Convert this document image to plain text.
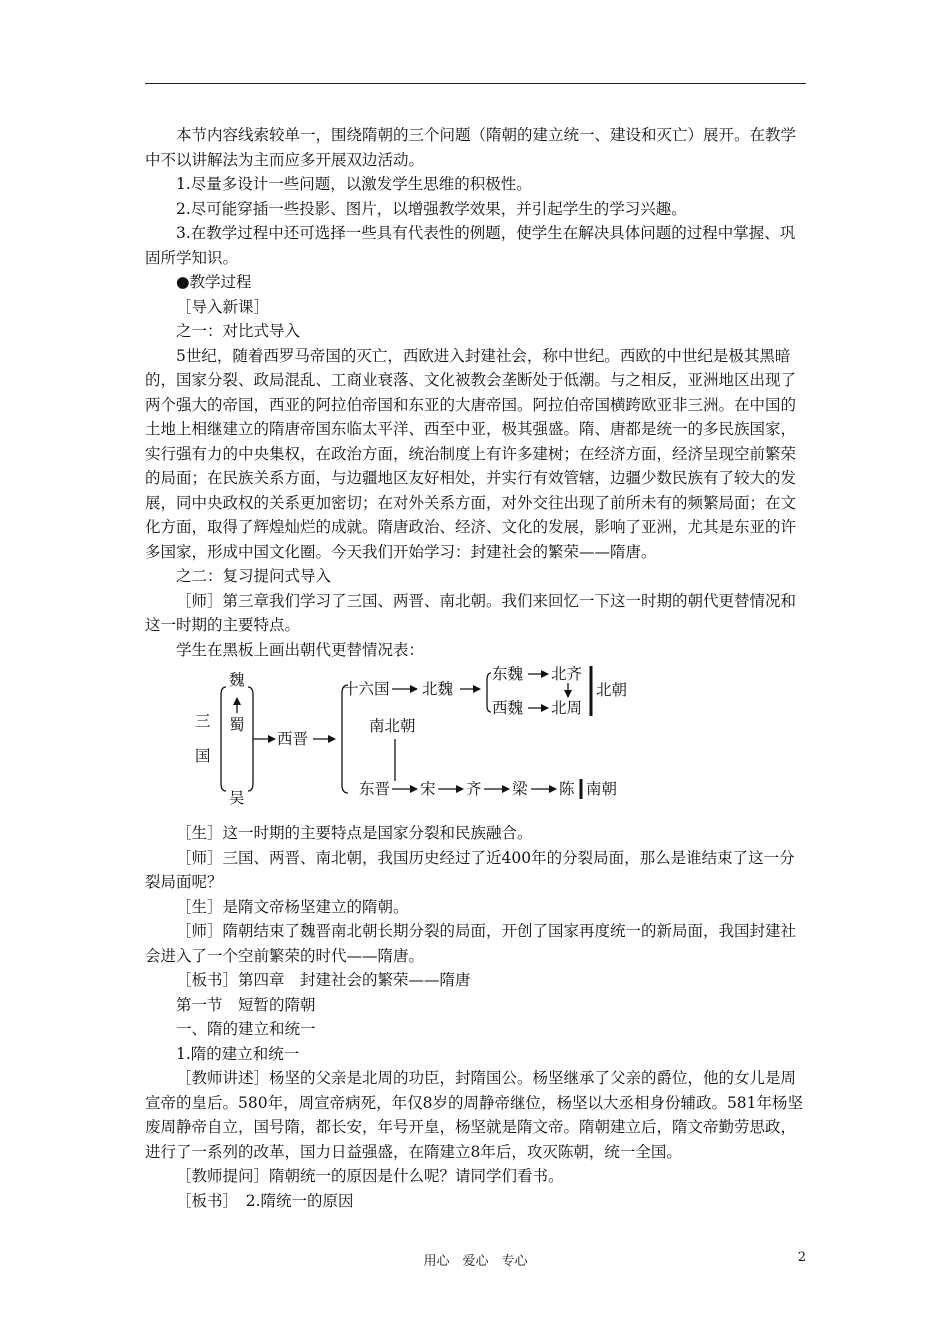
本节内容线索较单一，围绕隋朝的三个问题（隋朝的建立统一、建设和灭亡）展开。在教学中不以讲解法为主而应多开展双边活动。

1.尽量多设计一些问题，以激发学生思维的积极性。

2.尽可能穿插一些投影、图片，以增强教学效果，并引起学生的学习兴趣。

3.在教学过程中还可选择一些具有代表性的例题，使学生在解决具体问题的过程中掌握、巩固所学知识。

●教学过程

［导入新课］

之一：对比式导入

5世纪，随着西罗马帝国的灭亡，西欧进入封建社会，称中世纪。西欧的中世纪是极其黑暗的，国家分裂、政局混乱、工商业衰落、文化被教会垄断处于低潮。与之相反，亚洲地区出现了两个强大的帝国，西亚的阿拉伯帝国和东亚的大唐帝国。阿拉伯帝国横跨欧亚非三洲。在中国的土地上相继建立的隋唐帝国东临太平洋、西至中亚，极其强盛。隋、唐都是统一的多民族国家，实行强有力的中央集权，在政治方面，统治制度上有许多建树；在经济方面，经济呈现空前繁荣的局面；在民族关系方面，与边疆地区友好相处，并实行有效管辖，边疆少数民族有了较大的发展，同中央政权的关系更加密切；在对外关系方面，对外交往出现了前所未有的频繁局面；在文化方面，取得了辉煌灿烂的成就。隋唐政治、经济、文化的发展，影响了亚洲，尤其是东亚的许多国家，形成中国文化圈。今天我们开始学习：封建社会的繁荣——隋唐。

之二：复习提问式导入

［师］第三章我们学习了三国、两晋、南北朝。我们来回忆一下这一时期的朝代更替情况和这一时期的主要特点。

学生在黑板上画出朝代更替情况表：

三
国
魏
蜀
吴
西晋
十六国
南北朝
东晋
北魏
东魏
西魏
北齐
北周
北朝
宋 齐 梁 陈 南朝

［生］这一时期的主要特点是国家分裂和民族融合。

［师］三国、两晋、南北朝，我国历史经过了近400年的分裂局面，那么是谁结束了这一分裂局面呢？

［生］是隋文帝杨坚建立的隋朝。

［师］隋朝结束了魏晋南北朝长期分裂的局面，开创了国家再度统一的新局面，我国封建社会进入了一个空前繁荣的时代——隋唐。

［板书］第四章　封建社会的繁荣——隋唐

第一节　短暂的隋朝

一、隋的建立和统一

1.隋的建立和统一

［教师讲述］杨坚的父亲是北周的功臣，封隋国公。杨坚继承了父亲的爵位，他的女儿是周宣帝的皇后。580年，周宣帝病死，年仅8岁的周静帝继位，杨坚以大丞相身份辅政。581年杨坚废周静帝自立，国号隋，都长安，年号开皇，杨坚就是隋文帝。隋朝建立后，隋文帝勤劳思政，进行了一系列的改革，国力日益强盛，在隋建立8年后，攻灭陈朝，统一全国。

［教师提问］隋朝统一的原因是什么呢？请同学们看书。

［板书］　2.隋统一的原因

用心　爱心　专心	2
